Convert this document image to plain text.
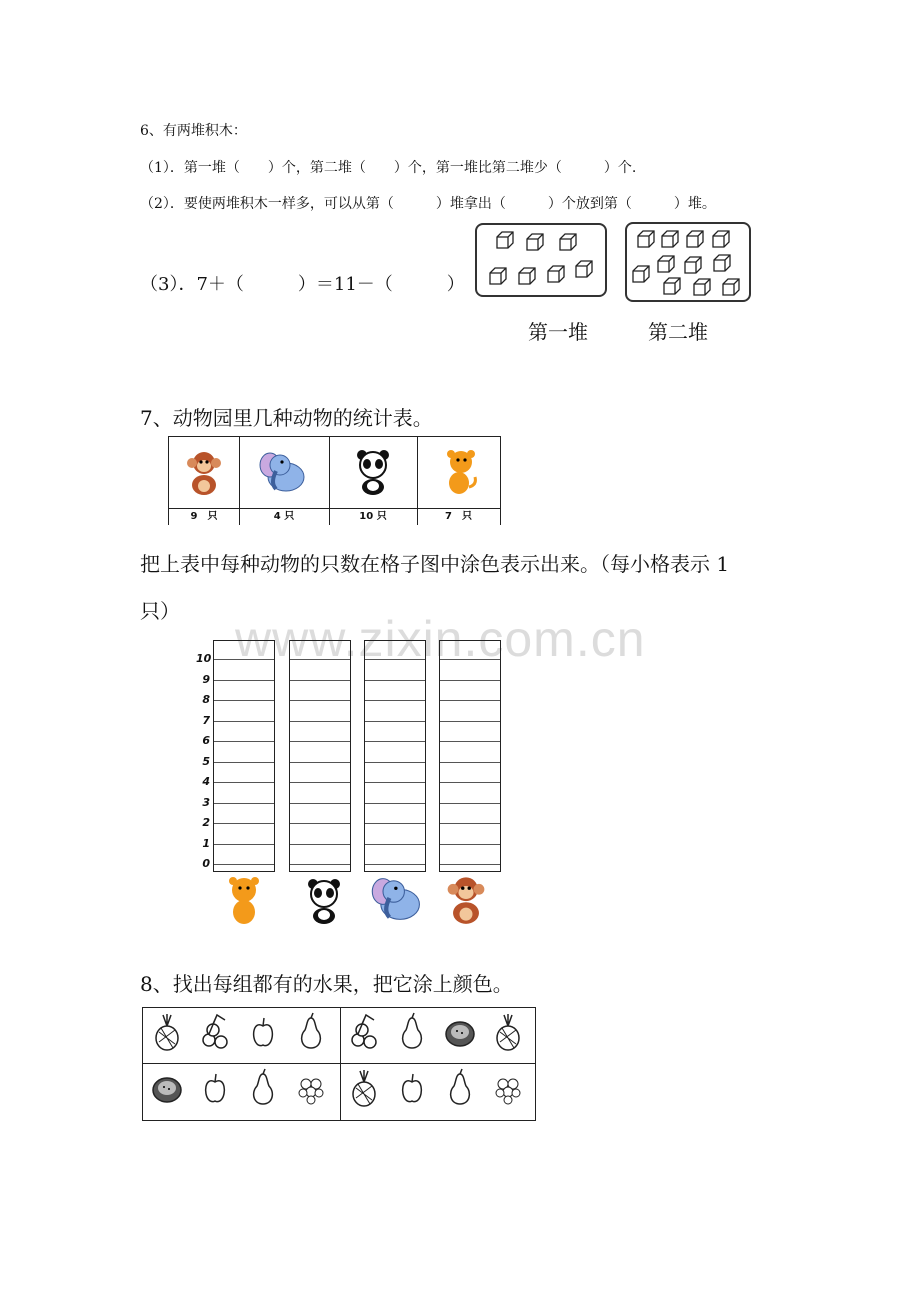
www.zixin.com.cn
6、有两堆积木：
（1）．第一堆（　　）个，第二堆（　　）个，第一堆比第二堆少（　　　）个.
（2）．要使两堆积木一样多，可以从第（　　　）堆拿出（　　　）个放到第（　　　）堆。
（3）．7＋（　　　）＝11－（　　　）
第一堆	第二堆
7、动物园里几种动物的统计表。
9　只	4 只	10 只	7　只
把上表中每种动物的只数在格子图中涂色表示出来。（每小格表示 1
只）
10
9
8
7
6
5
4
3
2
1
0
8、找出每组都有的水果，把它涂上颜色。
